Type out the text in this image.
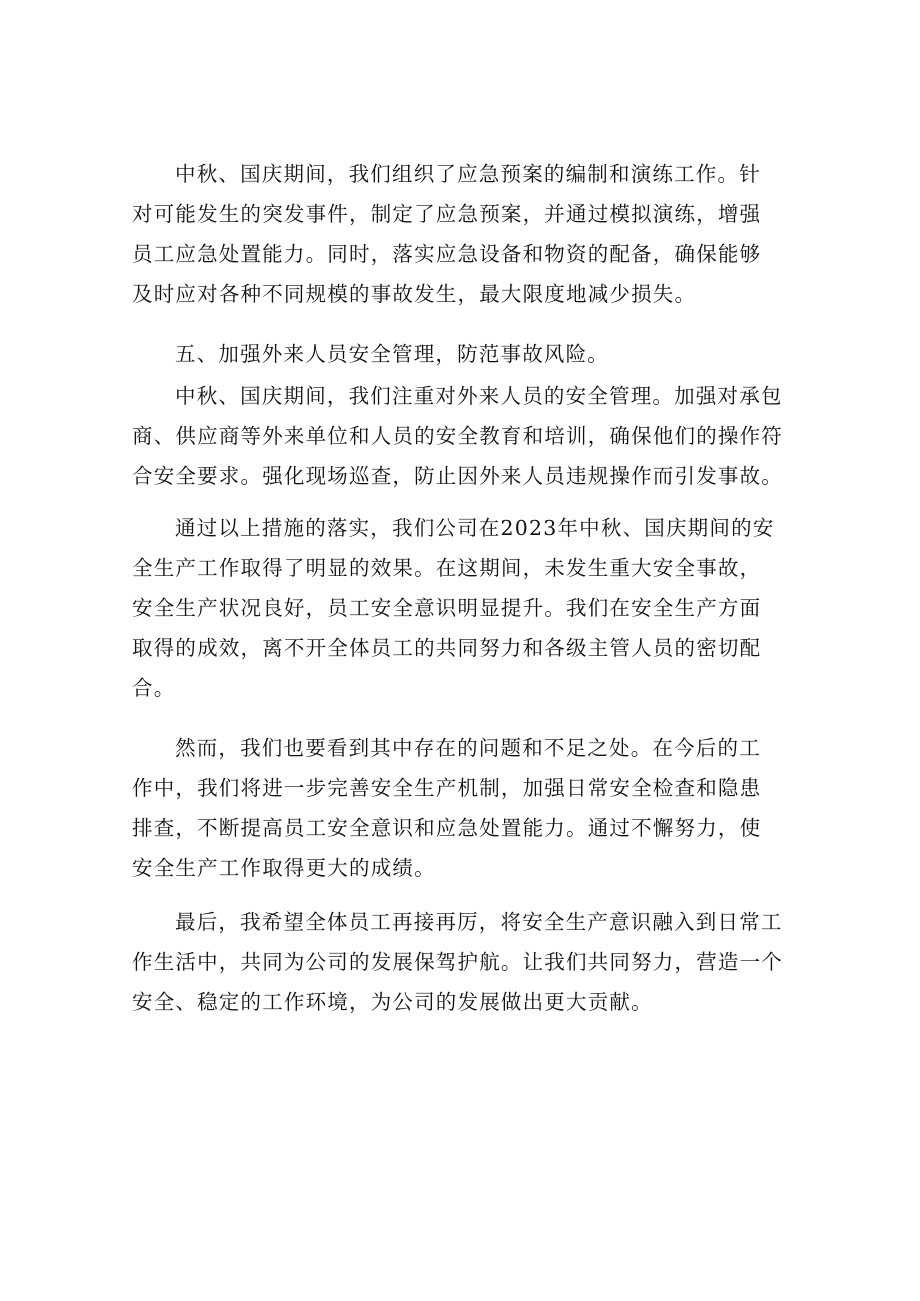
中秋、国庆期间，我们组织了应急预案的编制和演练工作。针
对可能发生的突发事件，制定了应急预案，并通过模拟演练，增强
员工应急处置能力。同时，落实应急设备和物资的配备，确保能够
及时应对各种不同规模的事故发生，最大限度地减少损失。
五、加强外来人员安全管理，防范事故风险。
中秋、国庆期间，我们注重对外来人员的安全管理。加强对承包
商、供应商等外来单位和人员的安全教育和培训，确保他们的操作符
合安全要求。强化现场巡查，防止因外来人员违规操作而引发事故。
通过以上措施的落实，我们公司在2023年中秋、国庆期间的安
全生产工作取得了明显的效果。在这期间，未发生重大安全事故，
安全生产状况良好，员工安全意识明显提升。我们在安全生产方面
取得的成效，离不开全体员工的共同努力和各级主管人员的密切配
合。
然而，我们也要看到其中存在的问题和不足之处。在今后的工
作中，我们将进一步完善安全生产机制，加强日常安全检查和隐患
排查，不断提高员工安全意识和应急处置能力。通过不懈努力，使
安全生产工作取得更大的成绩。
最后，我希望全体员工再接再厉，将安全生产意识融入到日常工
作生活中，共同为公司的发展保驾护航。让我们共同努力，营造一个
安全、稳定的工作环境，为公司的发展做出更大贡献。
